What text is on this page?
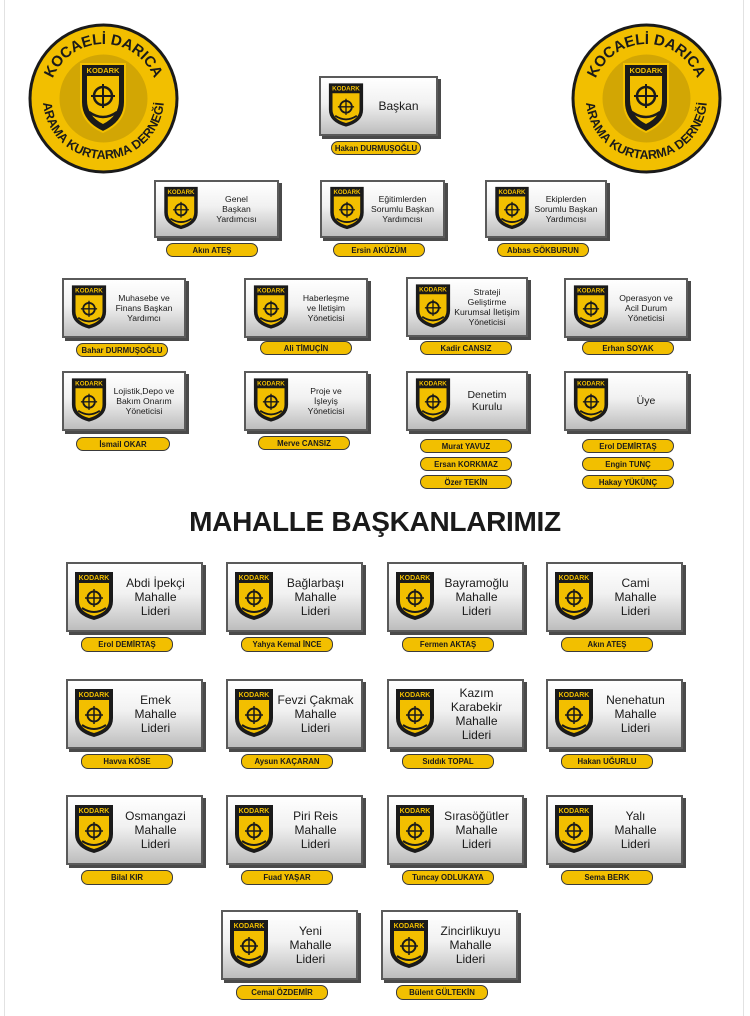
KOCAELİ DARICA
ARAMA KURTARMA DERNEĞİ
KODARK	KOCAELİ DARICA
ARAMA KURTARMA DERNEĞİ
KODARK
KODARK
Başkan
Hakan DURMUŞOĞLU
KODARK
Genel
Başkan
Yardımcısı
Akın ATEŞ
KODARK
Eğitimlerden
Sorumlu Başkan
Yardımcısı
Ersin AKÜZÜM
KODARK
Ekiplerden
Sorumlu Başkan
Yardımcısı
Abbas GÖKBURUN
KODARK
Muhasebe ve
Finans Başkan
Yardımcı
Bahar DURMUŞOĞLU
KODARK
Haberleşme
ve İletişim
Yöneticisi
Ali TİMUÇİN
KODARK	Strateji
Geliştirme
Kurumsal İletişim
Yöneticisi
Kadir CANSIZ
KODARK
Operasyon ve
Acil Durum
Yöneticisi
Erhan SOYAK
KODARK
Lojistik,Depo ve
Bakım Onarım
Yöneticisi
İsmail OKAR
KODARK
Proje ve
İşleyiş
Yöneticisi
Merve CANSIZ
KODARK
Denetim
Kurulu
Murat YAVUZ
Ersan KORKMAZ
Özer TEKİN
KODARK
Üye
Erol DEMİRTAŞ
Engin TUNÇ
Hakay YÜKÜNÇ
MAHALLE BAŞKANLARIMIZ
KODARK	Abdi İpekçi
Mahalle
Lideri
Erol DEMİRTAŞ
KODARK	Bağlarbaşı
Mahalle
Lideri
Yahya Kemal İNCE
KODARK	Bayramoğlu
Mahalle
Lideri
Fermen AKTAŞ
KODARK	Cami
Mahalle
Lideri
Akın ATEŞ
KODARK	Emek
Mahalle
Lideri
Havva KÖSE
KODARK Fevzi Çakmak
Mahalle
Lideri
Aysun KAÇARAN
KODARK	Kazım Karabekir
Mahalle
Lideri
Sıddık TOPAL
KODARK	Nenehatun
Mahalle
Lideri
Hakan UĞURLU
KODARK	Osmangazi
Mahalle
Lideri
Bilal KIR
KODARK	Piri Reis
Mahalle
Lideri
Fuad YAŞAR
KODARK	Sırasöğütler
Mahalle
Lideri
Tuncay ODLUKAYA
KODARK	Yalı
Mahalle
Lideri
Sema BERK
KODARK	Yeni
Mahalle
Lideri
Cemal ÖZDEMİR
KODARK	Zincirlikuyu
Mahalle
Lideri
Bülent GÜLTEKİN
